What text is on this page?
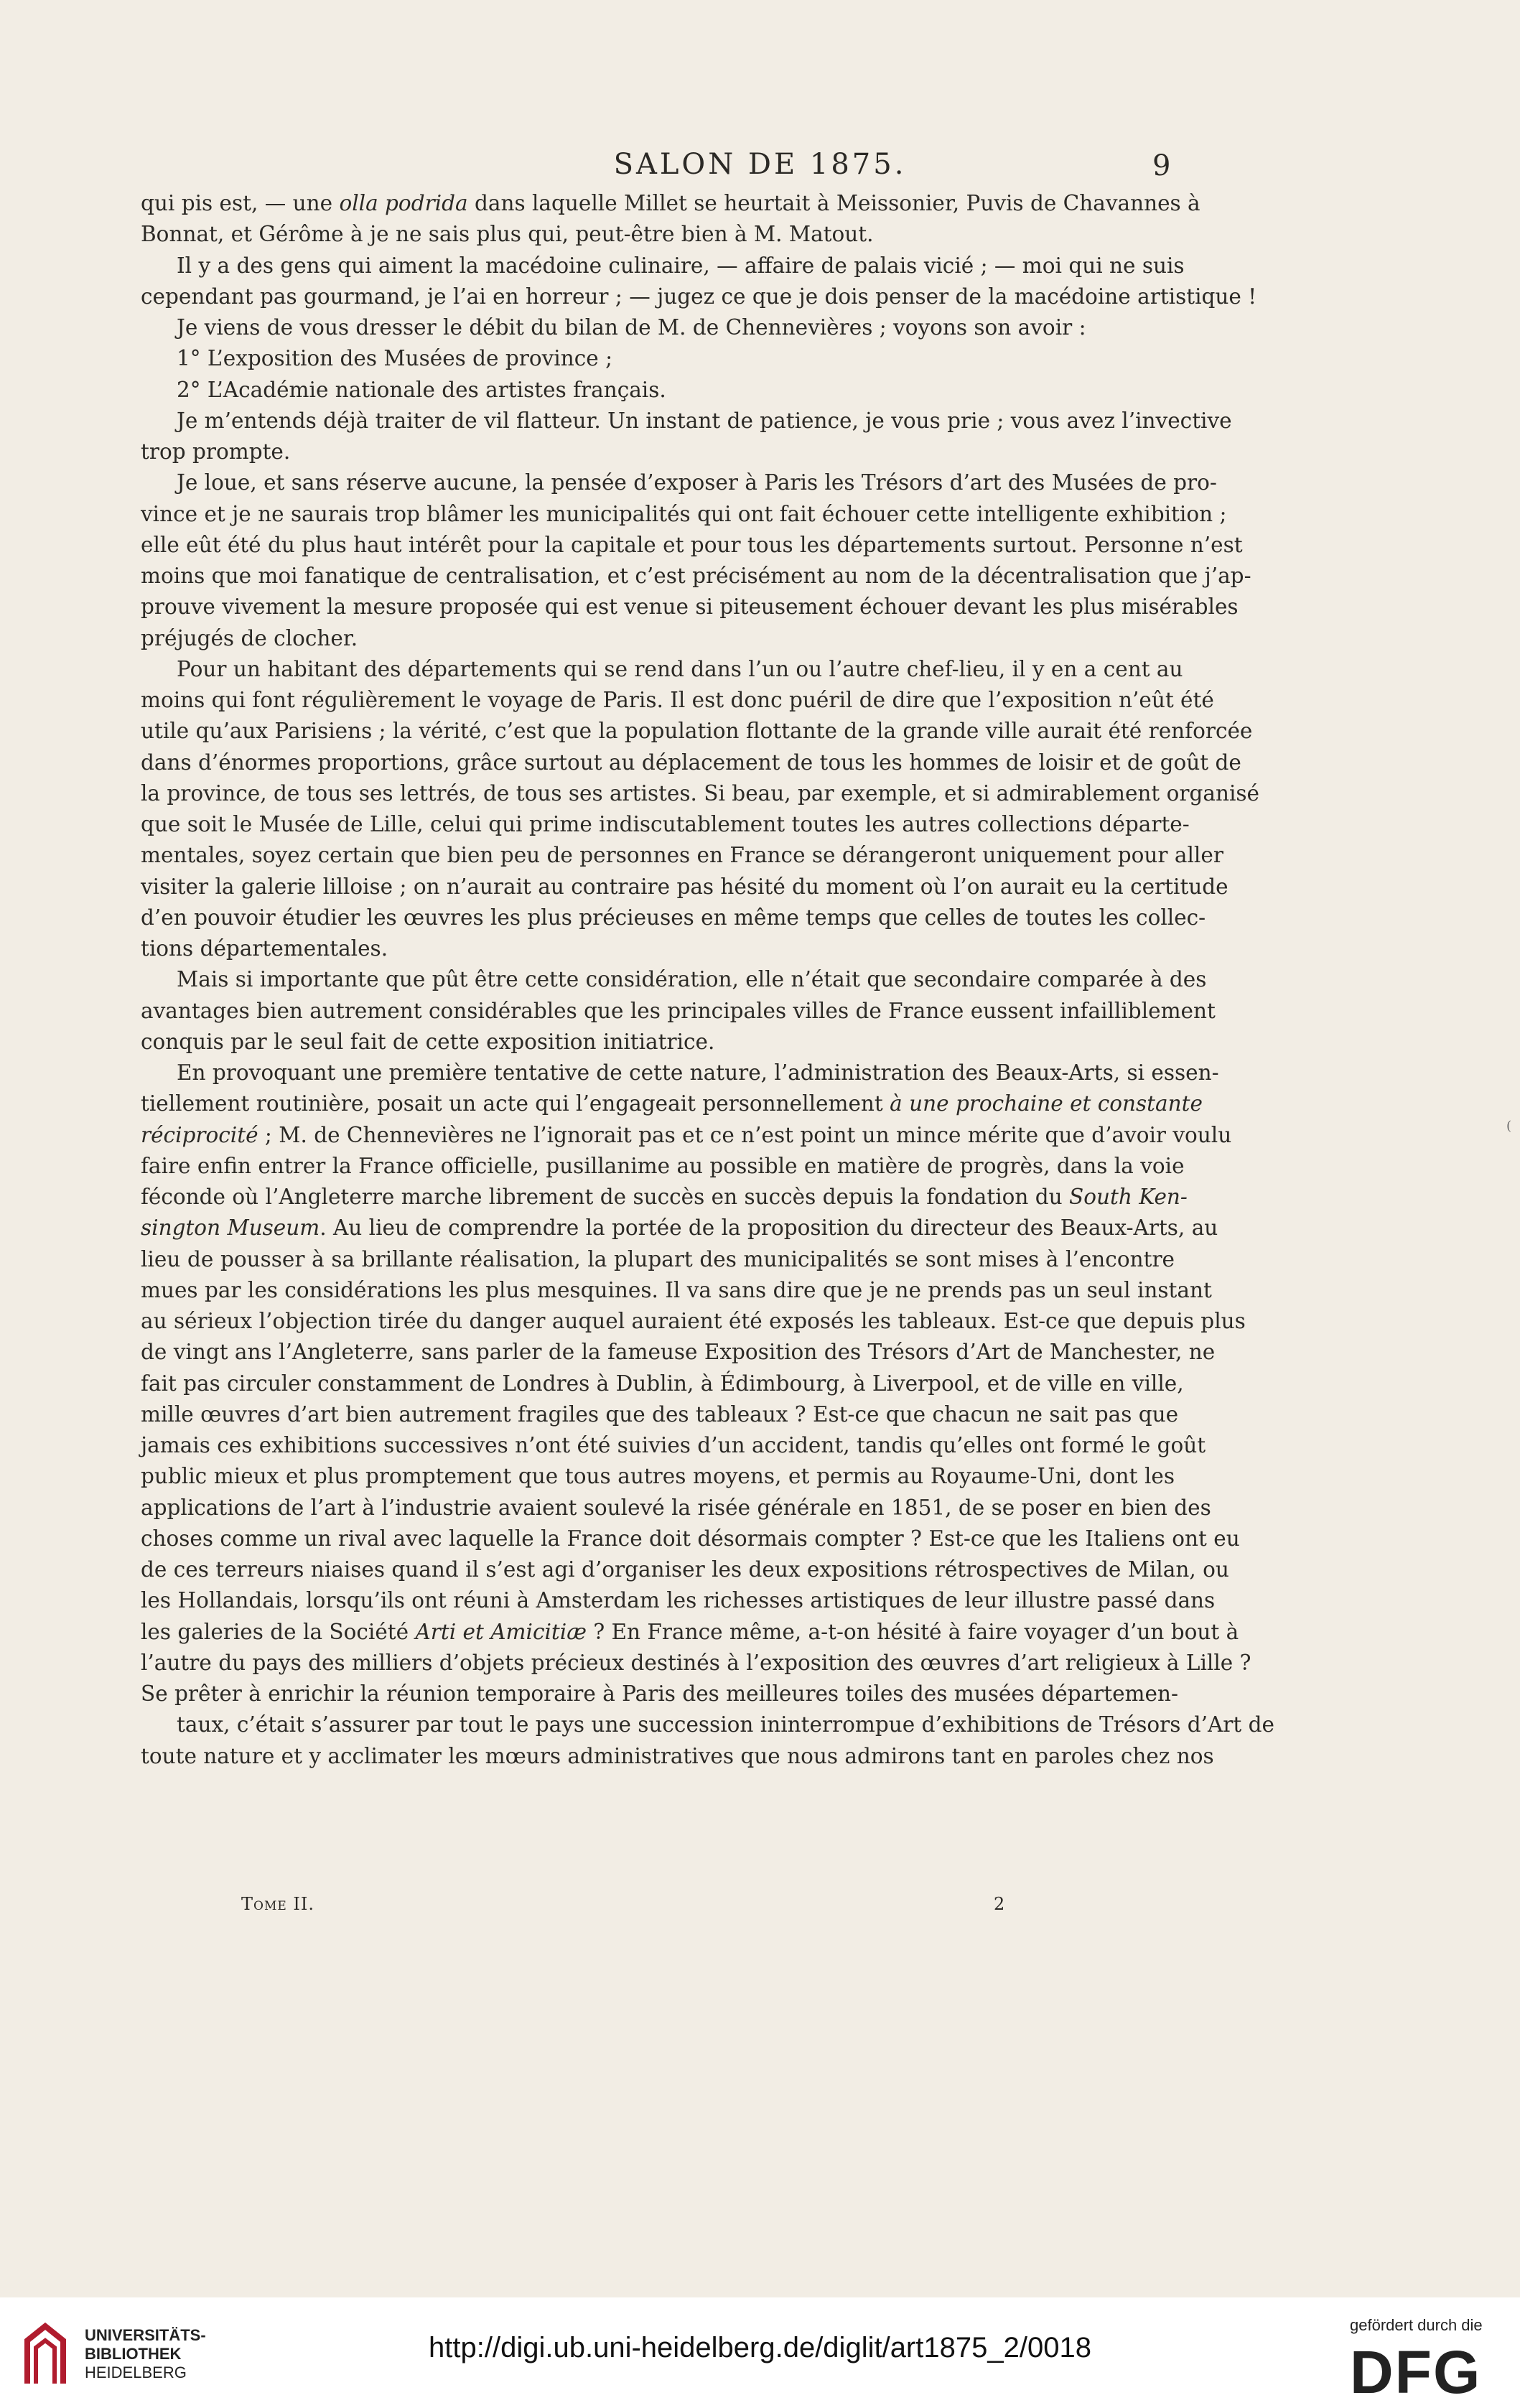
SALON DE 1875.	9
qui pis est, — une olla podrida dans laquelle Millet se heurtait à Meissonier, Puvis de Chavannes à
Bonnat, et Gérôme à je ne sais plus qui, peut-être bien à M. Matout.
Il y a des gens qui aiment la macédoine culinaire, — affaire de palais vicié ; — moi qui ne suis
cependant pas gourmand, je l’ai en horreur ; — jugez ce que je dois penser de la macédoine artistique !
Je viens de vous dresser le débit du bilan de M. de Chennevières ; voyons son avoir :
1° L’exposition des Musées de province ;
2° L’Académie nationale des artistes français.
Je m’entends déjà traiter de vil flatteur. Un instant de patience, je vous prie ; vous avez l’invective
trop prompte.
Je loue, et sans réserve aucune, la pensée d’exposer à Paris les Trésors d’art des Musées de pro-
vince et je ne saurais trop blâmer les municipalités qui ont fait échouer cette intelligente exhibition ;
elle eût été du plus haut intérêt pour la capitale et pour tous les départements surtout. Personne n’est
moins que moi fanatique de centralisation, et c’est précisément au nom de la décentralisation que j’ap-
prouve vivement la mesure proposée qui est venue si piteusement échouer devant les plus misérables
préjugés de clocher.
Pour un habitant des départements qui se rend dans l’un ou l’autre chef-lieu, il y en a cent au
moins qui font régulièrement le voyage de Paris. Il est donc puéril de dire que l’exposition n’eût été
utile qu’aux Parisiens ; la vérité, c’est que la population flottante de la grande ville aurait été renforcée
dans d’énormes proportions, grâce surtout au déplacement de tous les hommes de loisir et de goût de
la province, de tous ses lettrés, de tous ses artistes. Si beau, par exemple, et si admirablement organisé
que soit le Musée de Lille, celui qui prime indiscutablement toutes les autres collections départe-
mentales, soyez certain que bien peu de personnes en France se dérangeront uniquement pour aller
visiter la galerie lilloise ; on n’aurait au contraire pas hésité du moment où l’on aurait eu la certitude
d’en pouvoir étudier les œuvres les plus précieuses en même temps que celles de toutes les collec-
tions départementales.
Mais si importante que pût être cette considération, elle n’était que secondaire comparée à des
avantages bien autrement considérables que les principales villes de France eussent infailliblement
conquis par le seul fait de cette exposition initiatrice.
En provoquant une première tentative de cette nature, l’administration des Beaux-Arts, si essen-
tiellement routinière, posait un acte qui l’engageait personnellement à une prochaine et constante
réciprocité ; M. de Chennevières ne l’ignorait pas et ce n’est point un mince mérite que d’avoir voulu
faire enfin entrer la France officielle, pusillanime au possible en matière de progrès, dans la voie
féconde où l’Angleterre marche librement de succès en succès depuis la fondation du South Ken-
sington Museum. Au lieu de comprendre la portée de la proposition du directeur des Beaux-Arts, au
lieu de pousser à sa brillante réalisation, la plupart des municipalités se sont mises à l’encontre
mues par les considérations les plus mesquines. Il va sans dire que je ne prends pas un seul instant
au sérieux l’objection tirée du danger auquel auraient été exposés les tableaux. Est-ce que depuis plus
de vingt ans l’Angleterre, sans parler de la fameuse Exposition des Trésors d’Art de Manchester, ne
fait pas circuler constamment de Londres à Dublin, à Édimbourg, à Liverpool, et de ville en ville,
mille œuvres d’art bien autrement fragiles que des tableaux ? Est-ce que chacun ne sait pas que
jamais ces exhibitions successives n’ont été suivies d’un accident, tandis qu’elles ont formé le goût
public mieux et plus promptement que tous autres moyens, et permis au Royaume-Uni, dont les
applications de l’art à l’industrie avaient soulevé la risée générale en 1851, de se poser en bien des
choses comme un rival avec laquelle la France doit désormais compter ? Est-ce que les Italiens ont eu
de ces terreurs niaises quand il s’est agi d’organiser les deux expositions rétrospectives de Milan, ou
les Hollandais, lorsqu’ils ont réuni à Amsterdam les richesses artistiques de leur illustre passé dans
les galeries de la Société Arti et Amicitiæ ? En France même, a-t-on hésité à faire voyager d’un bout à
l’autre du pays des milliers d’objets précieux destinés à l’exposition des œuvres d’art religieux à Lille ?
Se prêter à enrichir la réunion temporaire à Paris des meilleures toiles des musées départemen-
taux, c’était s’assurer par tout le pays une succession ininterrompue d’exhibitions de Trésors d’Art de
toute nature et y acclimater les mœurs administratives que nous admirons tant en paroles chez nos
Tome II.	2
(
UNIVERSITÄTS-
BIBLIOTHEK
HEIDELBERG
http://digi.ub.uni-heidelberg.de/diglit/art1875_2/0018
gefördert durch die
DFG
